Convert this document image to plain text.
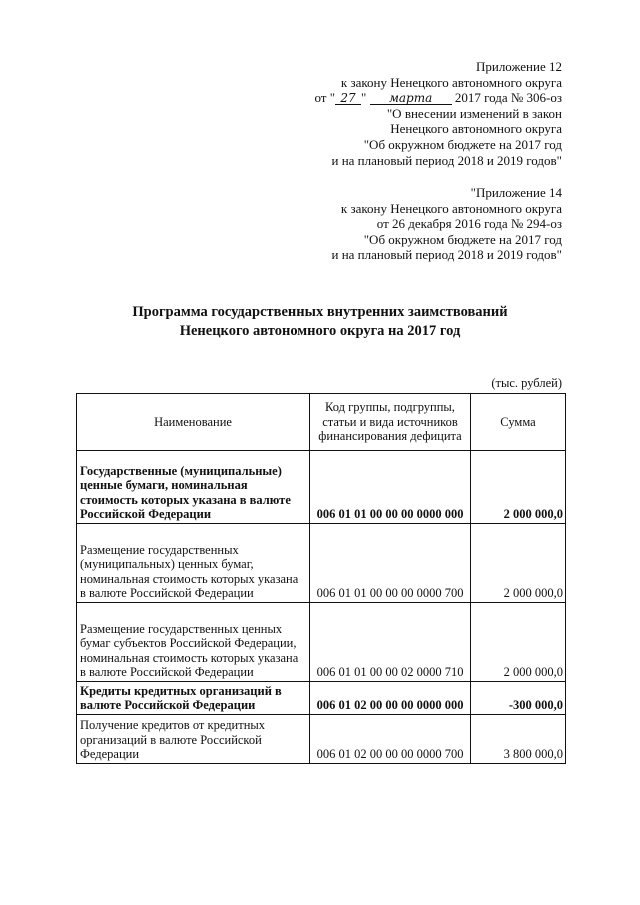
Приложение 12
к закону Ненецкого автономного округа
от " 27 " марта 2017 года № 306-оз
"О внесении изменений в закон
Ненецкого автономного округа
"Об окружном бюджете на 2017 год
и на плановый период 2018 и 2019 годов"
"Приложение 14
к закону Ненецкого автономного округа
от 26 декабря 2016 года № 294-оз
"Об окружном бюджете на 2017 год
и на плановый период 2018 и 2019 годов"
Программа государственных внутренних заимствований
Ненецкого автономного округа на 2017 год
(тыс. рублей)
Наименование	Код группы, подгруппы, статьи и вида источников финансирования дефицита	Сумма
Государственные (муниципальные) ценные бумаги, номинальная стоимость которых указана в валюте Российской Федерации	006 01 01 00 00 00 0000 000	2 000 000,0
Размещение государственных (муниципальных) ценных бумаг, номинальная стоимость которых указана в валюте Российской Федерации	006 01 01 00 00 00 0000 700	2 000 000,0
Размещение государственных ценных бумаг субъектов Российской Федерации, номинальная стоимость которых указана в валюте Российской Федерации	006 01 01 00 00 02 0000 710	2 000 000,0
Кредиты кредитных организаций в валюте Российской Федерации	006 01 02 00 00 00 0000 000	-300 000,0
Получение кредитов от кредитных организаций в валюте Российской Федерации	006 01 02 00 00 00 0000 700	3 800 000,0
